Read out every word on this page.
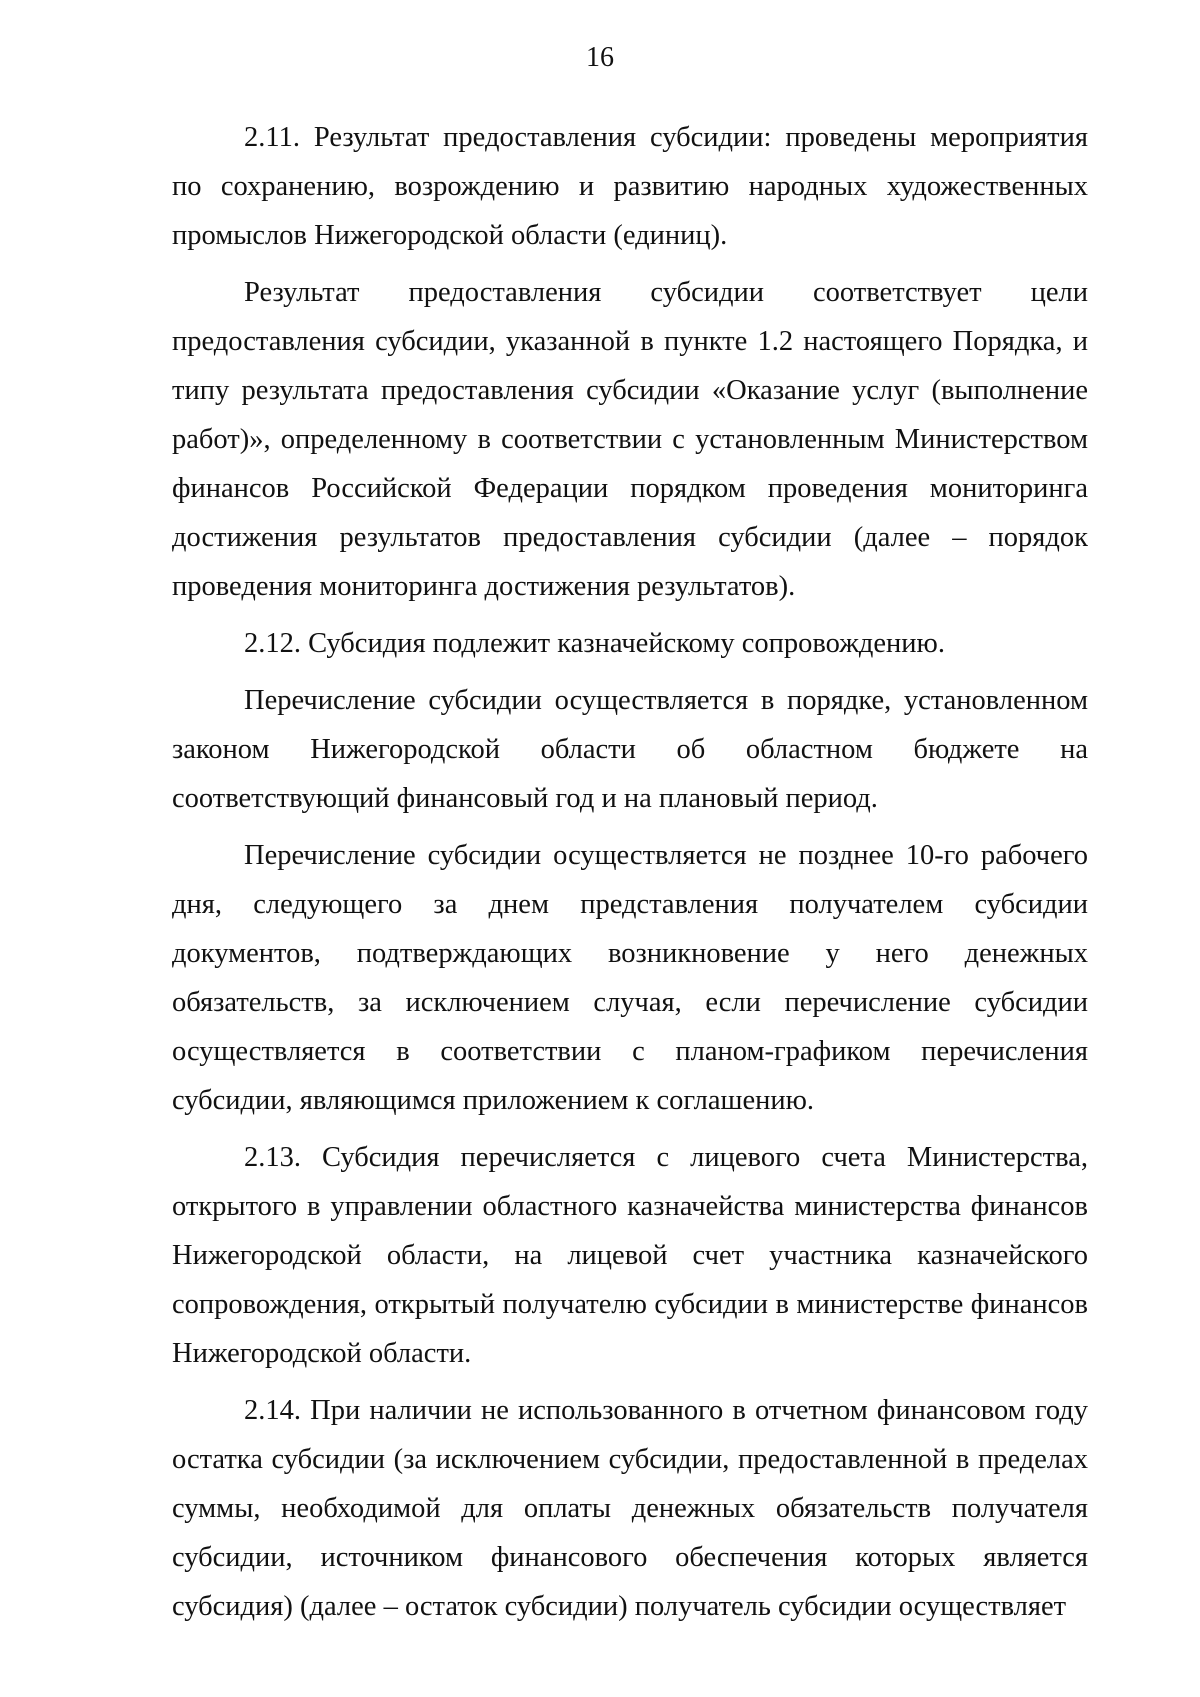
16

2.11. Результат предоставления субсидии: проведены мероприятия по сохранению, возрождению и развитию народных художественных промыслов Нижегородской области (единиц).

Результат предоставления субсидии соответствует цели предоставления субсидии, указанной в пункте 1.2 настоящего Порядка, и типу результата предоставления субсидии «Оказание услуг (выполнение работ)», определенному в соответствии с установленным Министерством финансов Российской Федерации порядком проведения мониторинга достижения результатов предоставления субсидии (далее – порядок проведения мониторинга достижения результатов).

2.12. Субсидия подлежит казначейскому сопровождению.

Перечисление субсидии осуществляется в порядке, установленном законом Нижегородской области об областном бюджете на соответствующий финансовый год и на плановый период.

Перечисление субсидии осуществляется не позднее 10-го рабочего дня, следующего за днем представления получателем субсидии документов, подтверждающих возникновение у него денежных обязательств, за исключением случая, если перечисление субсидии осуществляется в соответствии с планом-графиком перечисления субсидии, являющимся приложением к соглашению.

2.13. Субсидия перечисляется с лицевого счета Министерства, открытого в управлении областного казначейства министерства финансов Нижегородской области, на лицевой счет участника казначейского сопровождения, открытый получателю субсидии в министерстве финансов Нижегородской области.

2.14. При наличии не использованного в отчетном финансовом году остатка субсидии (за исключением субсидии, предоставленной в пределах суммы, необходимой для оплаты денежных обязательств получателя субсидии, источником финансового обеспечения которых является субсидия) (далее – остаток субсидии) получатель субсидии осуществляет
